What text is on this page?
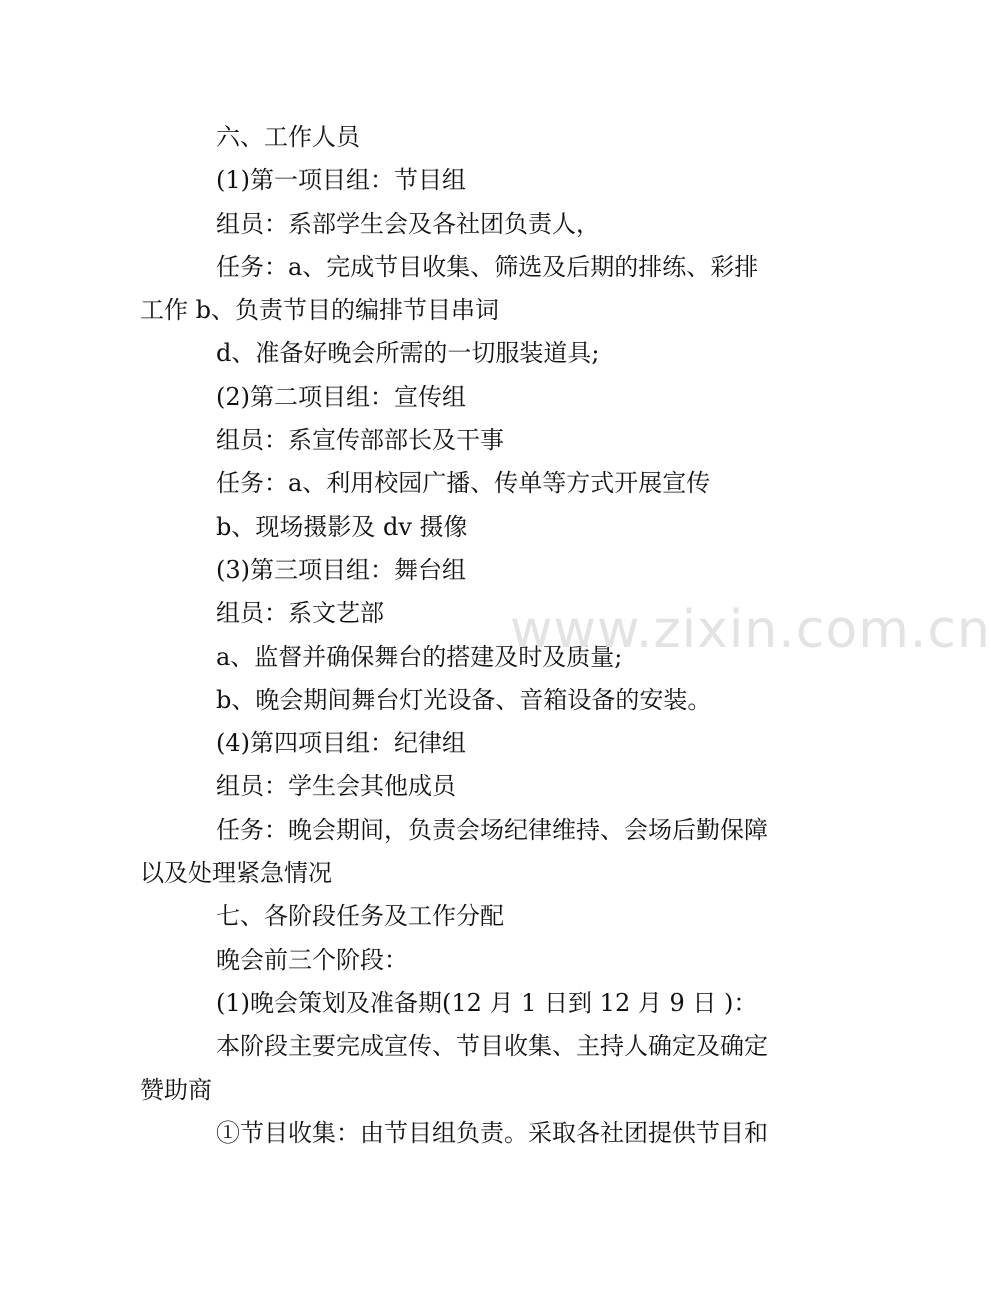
六、工作人员

(1)第一项目组：节目组

组员：系部学生会及各社团负责人，

任务：a、完成节目收集、筛选及后期的排练、彩排工作 b、负责节目的编排节目串词

d、准备好晚会所需的一切服装道具;

(2)第二项目组：宣传组

组员：系宣传部部长及干事

任务：a、利用校园广播、传单等方式开展宣传

b、现场摄影及 dv 摄像

(3)第三项目组：舞台组

组员：系文艺部

a、监督并确保舞台的搭建及时及质量;

b、晚会期间舞台灯光设备、音箱设备的安装。

(4)第四项目组：纪律组

组员：学生会其他成员

任务：晚会期间，负责会场纪律维持、会场后勤保障以及处理紧急情况

七、各阶段任务及工作分配

晚会前三个阶段：

(1)晚会策划及准备期(12 月 1 日到 12 月 9 日 )：

本阶段主要完成宣传、节目收集、主持人确定及确定赞助商

①节目收集：由节目组负责。采取各社团提供节目和

www.zixin.com.cn
